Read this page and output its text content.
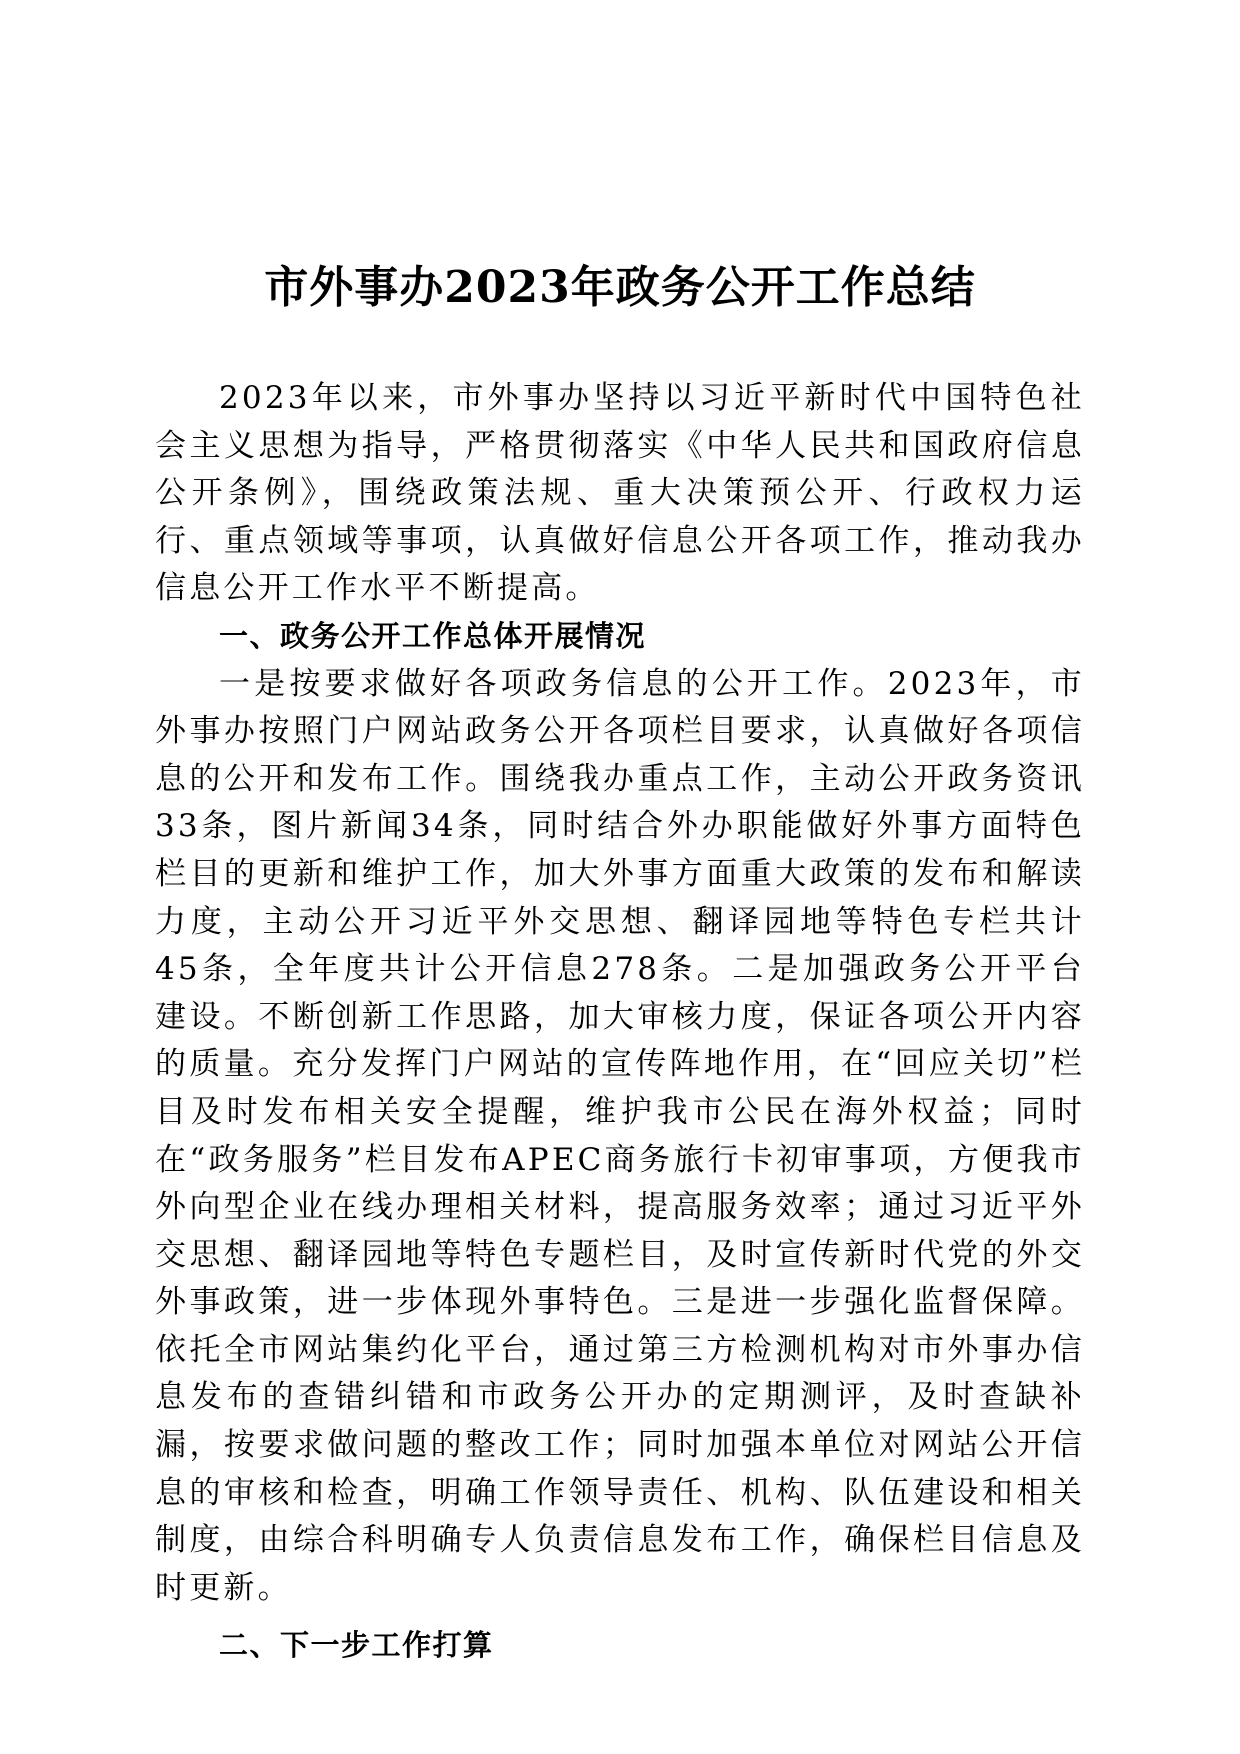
市外事办2023年政务公开工作总结

2023年以来，市外事办坚持以习近平新时代中国特色社会主义思想为指导，严格贯彻落实《中华人民共和国政府信息公开条例》，围绕政策法规、重大决策预公开、行政权力运行、重点领域等事项，认真做好信息公开各项工作，推动我办信息公开工作水平不断提高。

一、政务公开工作总体开展情况

一是按要求做好各项政务信息的公开工作。2023年，市外事办按照门户网站政务公开各项栏目要求，认真做好各项信息的公开和发布工作。围绕我办重点工作，主动公开政务资讯33条，图片新闻34条，同时结合外办职能做好外事方面特色栏目的更新和维护工作，加大外事方面重大政策的发布和解读力度，主动公开习近平外交思想、翻译园地等特色专栏共计45条，全年度共计公开信息278条。二是加强政务公开平台建设。不断创新工作思路，加大审核力度，保证各项公开内容的质量。充分发挥门户网站的宣传阵地作用，在“回应关切”栏目及时发布相关安全提醒，维护我市公民在海外权益；同时在“政务服务”栏目发布APEC商务旅行卡初审事项，方便我市外向型企业在线办理相关材料，提高服务效率；通过习近平外交思想、翻译园地等特色专题栏目，及时宣传新时代党的外交外事政策，进一步体现外事特色。三是进一步强化监督保障。依托全市网站集约化平台，通过第三方检测机构对市外事办信息发布的查错纠错和市政务公开办的定期测评，及时查缺补漏，按要求做问题的整改工作；同时加强本单位对网站公开信息的审核和检查，明确工作领导责任、机构、队伍建设和相关制度，由综合科明确专人负责信息发布工作，确保栏目信息及时更新。

二、下一步工作打算
